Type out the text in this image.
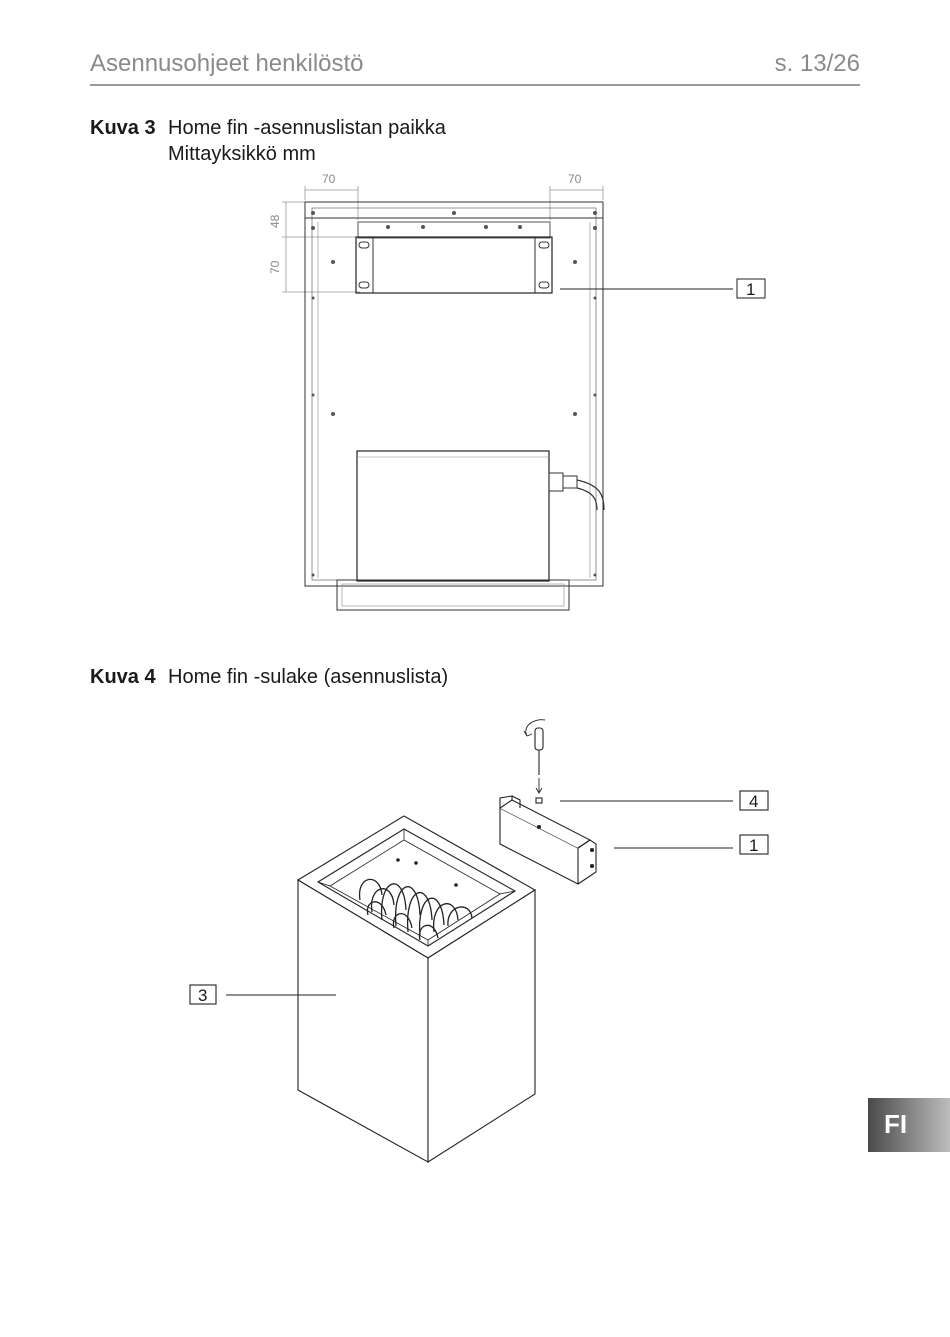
Asennusohjeet henkilöstö	s. 13/26
Kuva 3 Home fin -asennuslistan paikka
Mittayksikkö mm
Kuva 4 Home fin -sulake (asennuslista)
70	70
48
70
1
4
1
3
FI
